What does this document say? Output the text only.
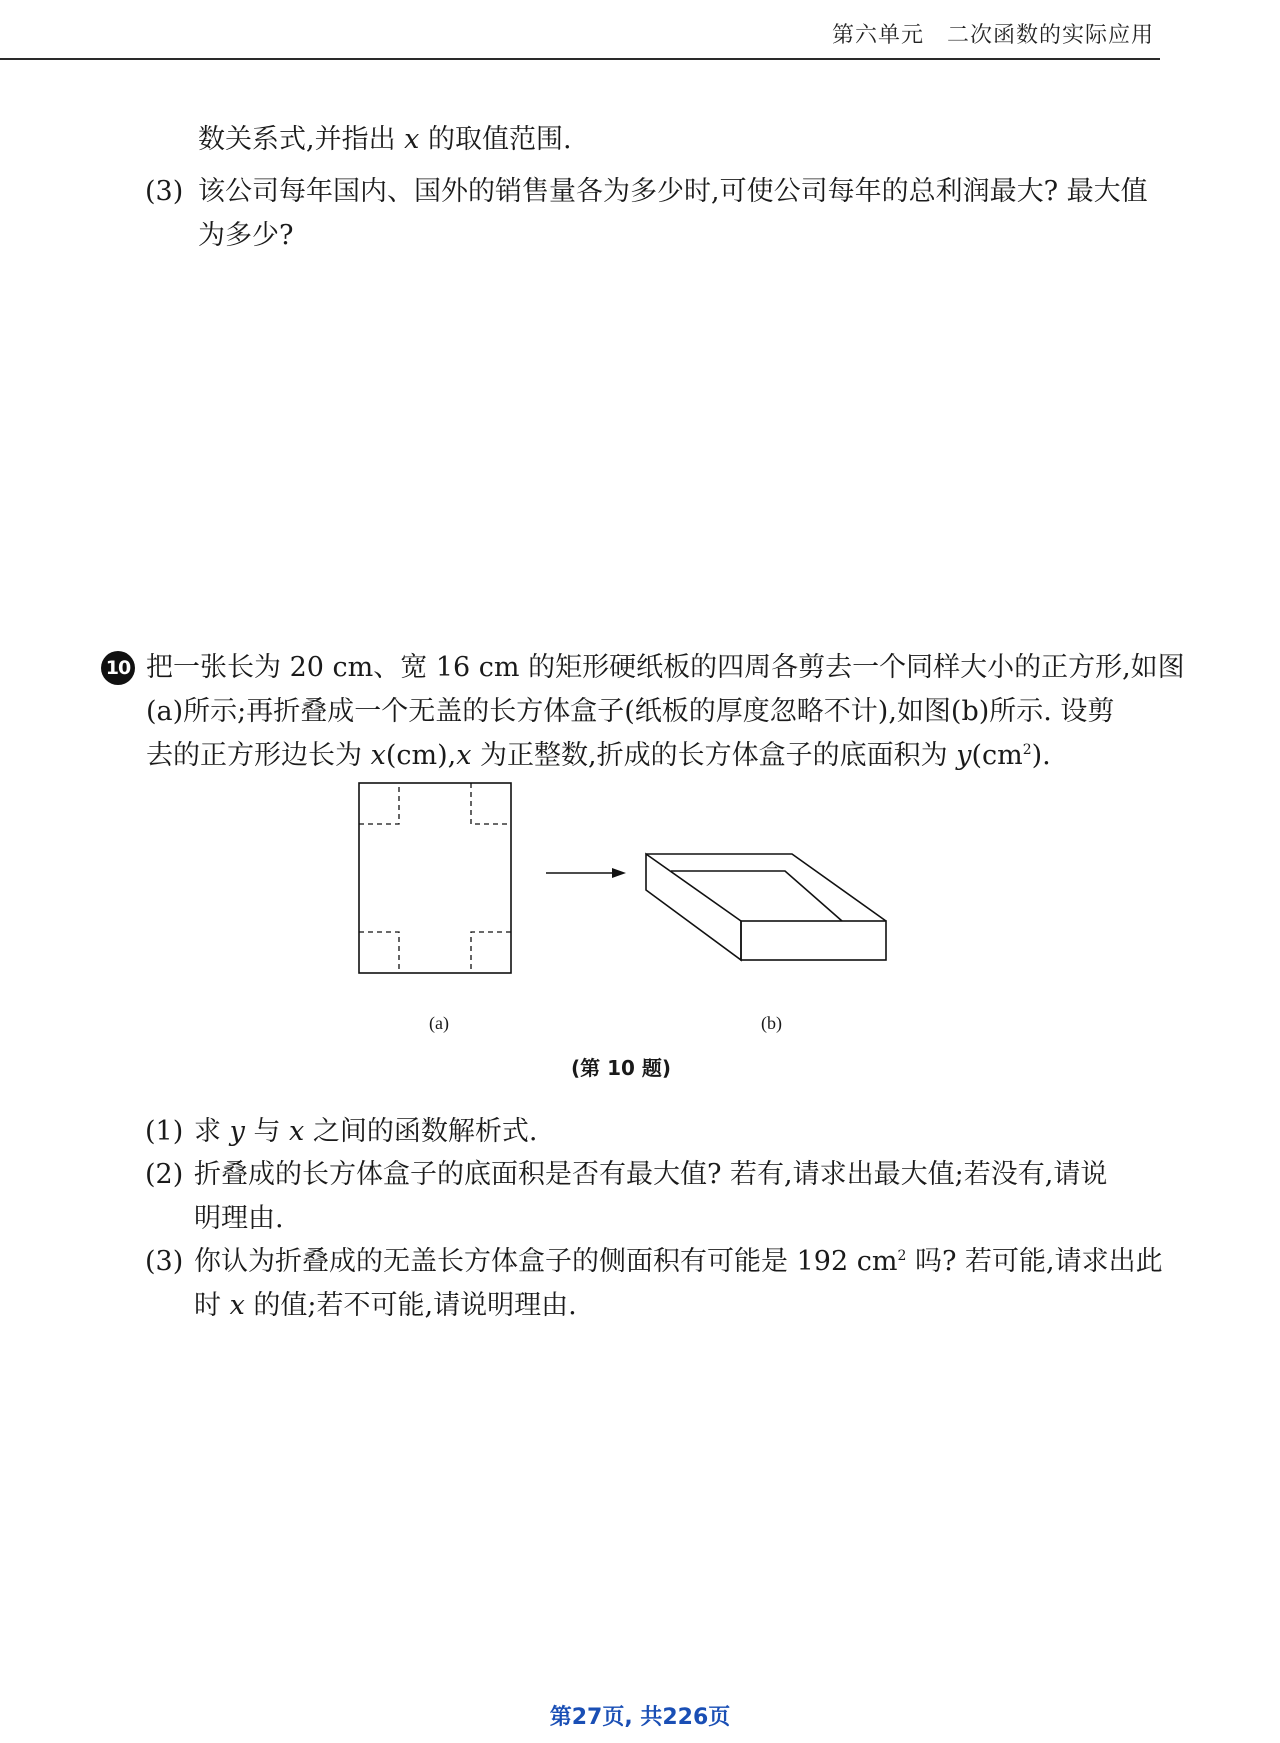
第六单元　二次函数的实际应用
数关系式,并指出 x 的取值范围.
(3) 该公司每年国内、国外的销售量各为多少时,可使公司每年的总利润最大? 最大值
为多少?
10 把一张长为 20 cm、宽 16 cm 的矩形硬纸板的四周各剪去一个同样大小的正方形,如图
(a)所示;再折叠成一个无盖的长方体盒子(纸板的厚度忽略不计),如图(b)所示. 设剪
去的正方形边长为 x(cm),x 为正整数,折成的长方体盒子的底面积为 $y(cm^2)$.
(a)	(b)
(第 10 题)
(1) 求 y 与 x 之间的函数解析式.
(2) 折叠成的长方体盒子的底面积是否有最大值? 若有,请求出最大值;若没有,请说
明理由.
(3) 你认为折叠成的无盖长方体盒子的侧面积有可能是 192 $cm^2$ 吗? 若可能,请求出此
时 x 的值;若不可能,请说明理由.
第27页, 共226页
